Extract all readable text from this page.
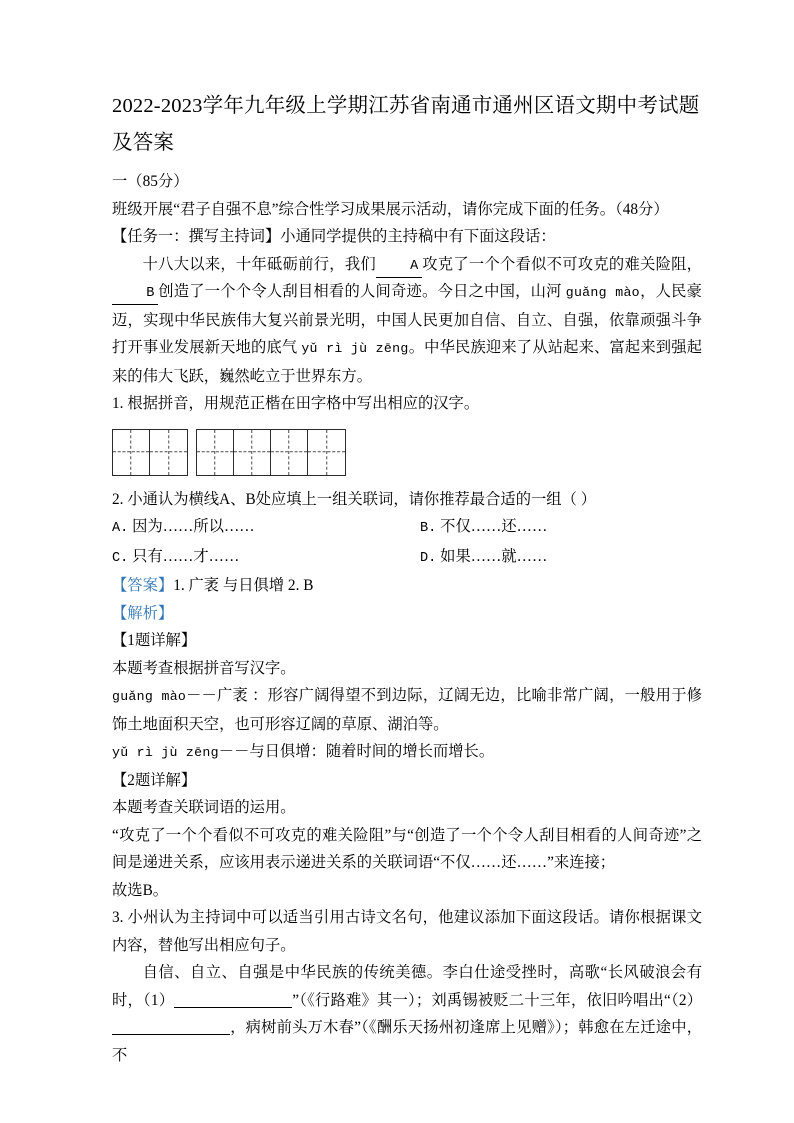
2022-2023学年九年级上学期江苏省南通市通州区语文期中考试题及答案

一（85分）

班级开展“君子自强不息”综合性学习成果展示活动，请你完成下面的任务。（48分）

【任务一：撰写主持词】小通同学提供的主持稿中有下面这段话：

十八大以来，十年砥砺前行，我们	A 攻克了一个个看似不可攻克的难关险阻，B 创造了一个个令人刮目相看的人间奇迹。今日之中国，山河 guǎng mào，人民豪迈，实现中华民族伟大复兴前景光明，中国人民更加自信、自立、自强，依靠顽强斗争打开事业发展新天地的底气 yǔ rì jù zēng。中华民族迎来了从站起来、富起来到强起来的伟大飞跃，巍然屹立于世界东方。

1. 根据拼音，用规范正楷在田字格中写出相应的汉字。

2. 小通认为横线A、B处应填上一组关联词，请你推荐最合适的一组（ ）

A. 因为……所以……	B. 不仅……还……
C. 只有……才……	D. 如果……就……

【答案】1. 广袤 与日俱增 2. B

【解析】

【1题详解】

本题考查根据拼音写汉字。

guǎng mào－－广袤 ：形容广阔得望不到边际，辽阔无边，比喻非常广阔，一般用于修饰土地面积天空，也可形容辽阔的草原、湖泊等。

yǔ rì jù zēng－－与日俱增：随着时间的增长而增长。

【2题详解】

本题考查关联词语的运用。

“攻克了一个个看似不可攻克的难关险阻”与“创造了一个个令人刮目相看的人间奇迹”之间是递进关系，应该用表示递进关系的关联词语“不仅……还……”来连接；

故选B。

3. 小州认为主持词中可以适当引用古诗文名句，他建议添加下面这段话。请你根据课文内容，替他写出相应句子。

自信、自立、自强是中华民族的传统美德。李白仕途受挫时，高歌“长风破浪会有时，（1）	”（《行路难》其一）；刘禹锡被贬二十三年，依旧吟唱出“（2），病树前头万木春”（《酬乐天扬州初逢席上见赠》）；韩愈在左迁途中，不
